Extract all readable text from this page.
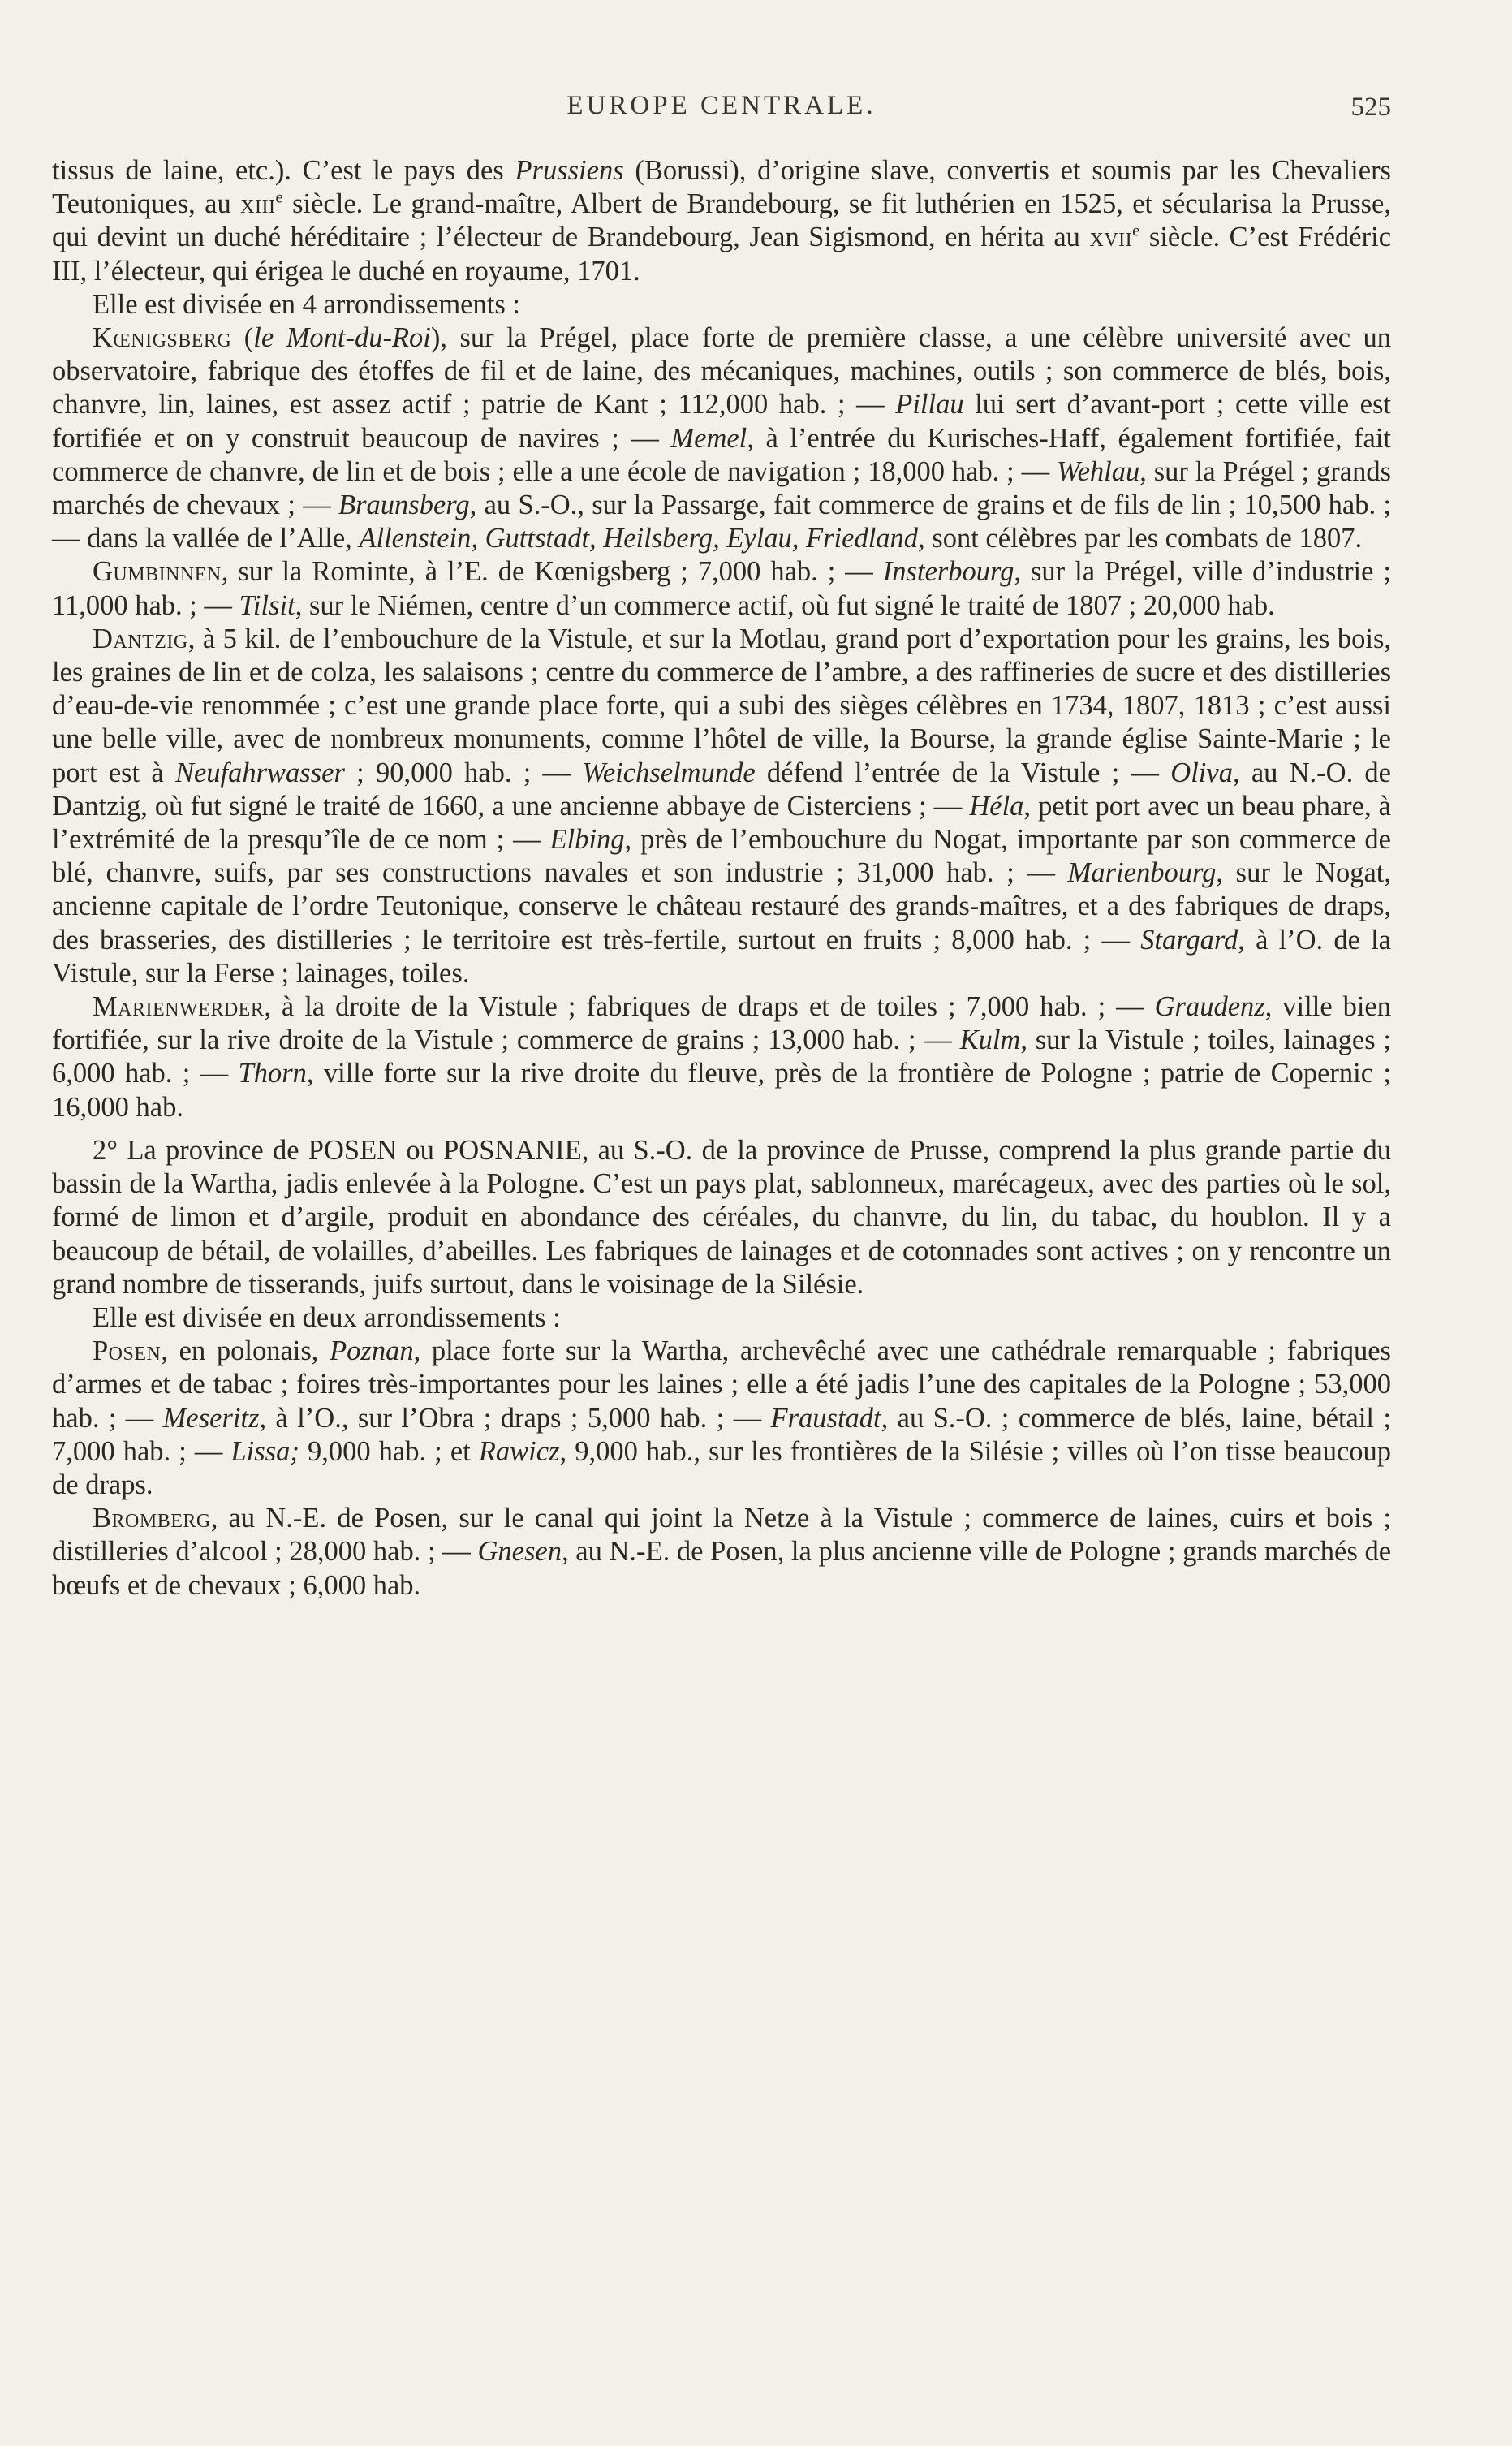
EUROPE CENTRALE.	525

tissus de laine, etc.). C’est le pays des Prussiens (Borussi), d’origine slave, convertis et soumis par les Chevaliers Teutoniques, au xiii$^e$ siècle. Le grand-maître, Albert de Brandebourg, se fit luthérien en 1525, et sécularisa la Prusse, qui devint un duché héréditaire ; l’électeur de Brandebourg, Jean Sigismond, en hérita au xvii$^e$ siècle. C’est Frédéric III, l’électeur, qui érigea le duché en royaume, 1701.

Elle est divisée en 4 arrondissements :

Kœnigsberg (le Mont-du-Roi), sur la Prégel, place forte de première classe, a une célèbre université avec un observatoire, fabrique des étoffes de fil et de laine, des mécaniques, machines, outils ; son commerce de blés, bois, chanvre, lin, laines, est assez actif ; patrie de Kant ; 112,000 hab. ; — Pillau lui sert d’avant-port ; cette ville est fortifiée et on y construit beaucoup de navires ; — Memel, à l’entrée du Kurisches-Haff, également fortifiée, fait commerce de chanvre, de lin et de bois ; elle a une école de navigation ; 18,000 hab. ; — Wehlau, sur la Prégel ; grands marchés de chevaux ; — Braunsberg, au S.-O., sur la Passarge, fait commerce de grains et de fils de lin ; 10,500 hab. ; — dans la vallée de l’Alle, Allenstein, Guttstadt, Heilsberg, Eylau, Friedland, sont célèbres par les combats de 1807.

Gumbinnen, sur la Rominte, à l’E. de Kœnigsberg ; 7,000 hab. ; — Insterbourg, sur la Prégel, ville d’industrie ; 11,000 hab. ; — Tilsit, sur le Niémen, centre d’un commerce actif, où fut signé le traité de 1807 ; 20,000 hab.

Dantzig, à 5 kil. de l’embouchure de la Vistule, et sur la Motlau, grand port d’exportation pour les grains, les bois, les graines de lin et de colza, les salaisons ; centre du commerce de l’ambre, a des raffineries de sucre et des distilleries d’eau-de-vie renommée ; c’est une grande place forte, qui a subi des sièges célèbres en 1734, 1807, 1813 ; c’est aussi une belle ville, avec de nombreux monuments, comme l’hôtel de ville, la Bourse, la grande église Sainte-Marie ; le port est à Neufahrwasser ; 90,000 hab. ; — Weichselmunde défend l’entrée de la Vistule ; — Oliva, au N.-O. de Dantzig, où fut signé le traité de 1660, a une ancienne abbaye de Cisterciens ; — Héla, petit port avec un beau phare, à l’extrémité de la presqu’île de ce nom ; — Elbing, près de l’embouchure du Nogat, importante par son commerce de blé, chanvre, suifs, par ses constructions navales et son industrie ; 31,000 hab. ; — Marienbourg, sur le Nogat, ancienne capitale de l’ordre Teutonique, conserve le château restauré des grands-maîtres, et a des fabriques de draps, des brasseries, des distilleries ; le territoire est très-fertile, surtout en fruits ; 8,000 hab. ; — Stargard, à l’O. de la Vistule, sur la Ferse ; lainages, toiles.

Marienwerder, à la droite de la Vistule ; fabriques de draps et de toiles ; 7,000 hab. ; — Graudenz, ville bien fortifiée, sur la rive droite de la Vistule ; commerce de grains ; 13,000 hab. ; — Kulm, sur la Vistule ; toiles, lainages ; 6,000 hab. ; — Thorn, ville forte sur la rive droite du fleuve, près de la frontière de Pologne ; patrie de Copernic ; 16,000 hab.

2° La province de POSEN ou POSNANIE, au S.-O. de la province de Prusse, comprend la plus grande partie du bassin de la Wartha, jadis enlevée à la Pologne. C’est un pays plat, sablonneux, marécageux, avec des parties où le sol, formé de limon et d’argile, produit en abondance des céréales, du chanvre, du lin, du tabac, du houblon. Il y a beaucoup de bétail, de volailles, d’abeilles. Les fabriques de lainages et de cotonnades sont actives ; on y rencontre un grand nombre de tisserands, juifs surtout, dans le voisinage de la Silésie.

Elle est divisée en deux arrondissements :

Posen, en polonais, Poznan, place forte sur la Wartha, archevêché avec une cathédrale remarquable ; fabriques d’armes et de tabac ; foires très-importantes pour les laines ; elle a été jadis l’une des capitales de la Pologne ; 53,000 hab. ; — Meseritz, à l’O., sur l’Obra ; draps ; 5,000 hab. ; — Fraustadt, au S.-O. ; commerce de blés, laine, bétail ; 7,000 hab. ; — Lissa; 9,000 hab. ; et Rawicz, 9,000 hab., sur les frontières de la Silésie ; villes où l’on tisse beaucoup de draps.

Bromberg, au N.-E. de Posen, sur le canal qui joint la Netze à la Vistule ; commerce de laines, cuirs et bois ; distilleries d’alcool ; 28,000 hab. ; — Gnesen, au N.-E. de Posen, la plus ancienne ville de Pologne ; grands marchés de bœufs et de chevaux ; 6,000 hab.
